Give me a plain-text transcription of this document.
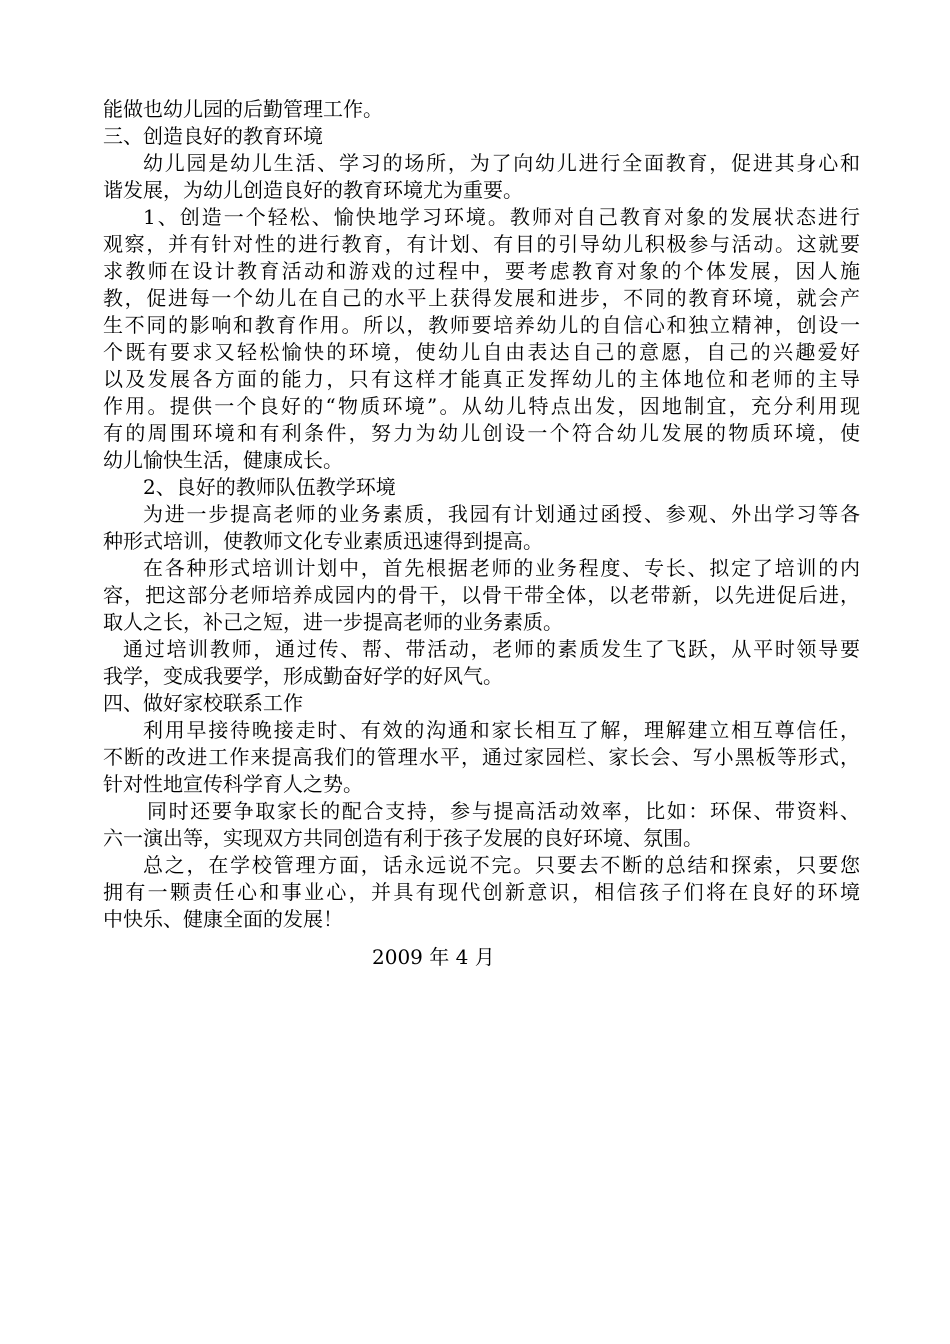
能做也幼儿园的后勤管理工作。
三、创造良好的教育环境
幼儿园是幼儿生活、学习的场所，为了向幼儿进行全面教育，促进其身心和
谐发展，为幼儿创造良好的教育环境尤为重要。
1、创造一个轻松、愉快地学习环境。教师对自己教育对象的发展状态进行
观察，并有针对性的进行教育，有计划、有目的引导幼儿积极参与活动。这就要
求教师在设计教育活动和游戏的过程中，要考虑教育对象的个体发展，因人施
教，促进每一个幼儿在自己的水平上获得发展和进步，不同的教育环境，就会产
生不同的影响和教育作用。所以，教师要培养幼儿的自信心和独立精神，创设一
个既有要求又轻松愉快的环境，使幼儿自由表达自己的意愿，自己的兴趣爱好
以及发展各方面的能力，只有这样才能真正发挥幼儿的主体地位和老师的主导
作用。提供一个良好的“物质环境”。从幼儿特点出发，因地制宜，充分利用现
有的周围环境和有利条件，努力为幼儿创设一个符合幼儿发展的物质环境，使
幼儿愉快生活，健康成长。
2、良好的教师队伍教学环境
为进一步提高老师的业务素质，我园有计划通过函授、参观、外出学习等各
种形式培训，使教师文化专业素质迅速得到提高。
在各种形式培训计划中，首先根据老师的业务程度、专长、拟定了培训的内
容，把这部分老师培养成园内的骨干，以骨干带全体，以老带新，以先进促后进，
取人之长，补己之短，进一步提高老师的业务素质。
通过培训教师，通过传、帮、带活动，老师的素质发生了飞跃，从平时领导要
我学，变成我要学，形成勤奋好学的好风气。
四、做好家校联系工作
利用早接待晚接走时、有效的沟通和家长相互了解，理解建立相互尊信任，
不断的改进工作来提高我们的管理水平，通过家园栏、家长会、写小黑板等形式，
针对性地宣传科学育人之势。
同时还要争取家长的配合支持，参与提高活动效率，比如：环保、带资料、
六一演出等，实现双方共同创造有利于孩子发展的良好环境、氛围。
总之，在学校管理方面，话永远说不完。只要去不断的总结和探索，只要您
拥有一颗责任心和事业心，并具有现代创新意识，相信孩子们将在良好的环境
中快乐、健康全面的发展！
2009 年 4 月
